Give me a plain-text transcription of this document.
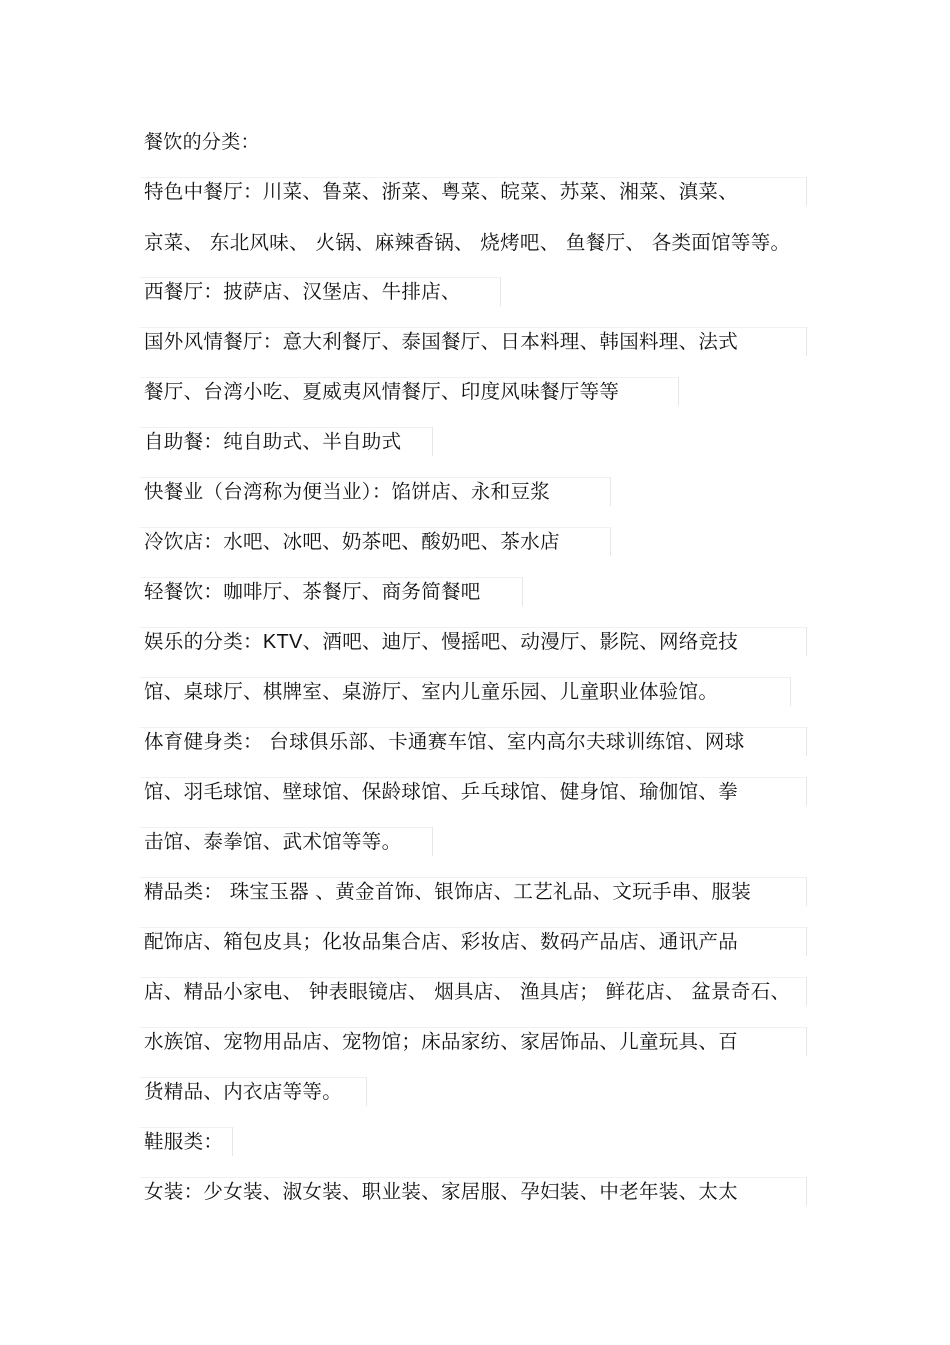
餐饮的分类：
特色中餐厅：川菜、鲁菜、浙菜、粤菜、皖菜、苏菜、湘菜、滇菜、
京菜、 东北风味、 火锅、麻辣香锅、 烧烤吧、 鱼餐厅、 各类面馆等等。
西餐厅：披萨店、汉堡店、牛排店、
国外风情餐厅：意大利餐厅、泰国餐厅、日本料理、韩国料理、法式
餐厅、台湾小吃、夏威夷风情餐厅、印度风味餐厅等等
自助餐：纯自助式、半自助式
快餐业（台湾称为便当业）：馅饼店、永和豆浆
冷饮店：水吧、冰吧、奶茶吧、酸奶吧、茶水店
轻餐饮：咖啡厅、茶餐厅、商务简餐吧
娱乐的分类：KTV、酒吧、迪厅、慢摇吧、动漫厅、影院、网络竞技
馆、桌球厅、棋牌室、桌游厅、室内儿童乐园、儿童职业体验馆。
体育健身类： 台球俱乐部、卡通赛车馆、室内高尔夫球训练馆、网球
馆、羽毛球馆、壁球馆、保龄球馆、乒乓球馆、健身馆、瑜伽馆、拳
击馆、泰拳馆、武术馆等等。
精品类： 珠宝玉器 、黄金首饰、银饰店、工艺礼品、文玩手串、服装
配饰店、箱包皮具；化妆品集合店、彩妆店、数码产品店、通讯产品
店、精品小家电、 钟表眼镜店、 烟具店、 渔具店； 鲜花店、 盆景奇石、
水族馆、宠物用品店、宠物馆；床品家纺、家居饰品、儿童玩具、百
货精品、内衣店等等。
鞋服类：
女装：少女装、淑女装、职业装、家居服、孕妇装、中老年装、太太
